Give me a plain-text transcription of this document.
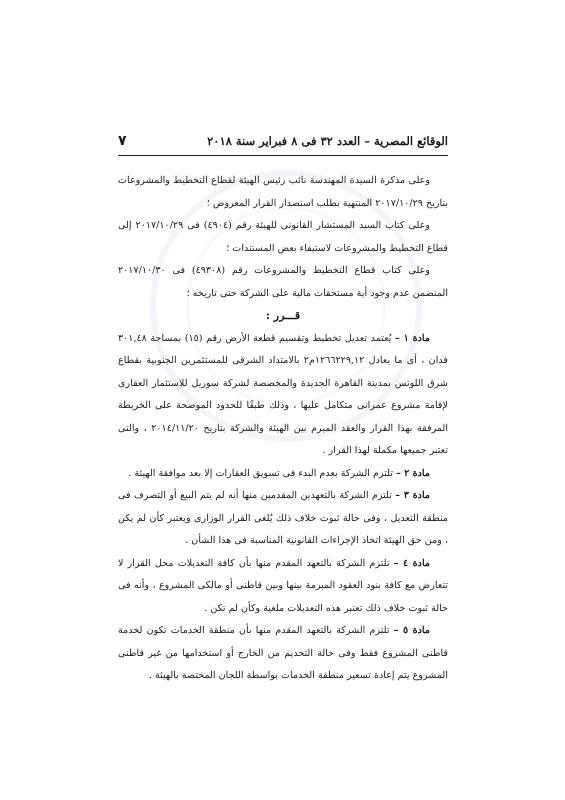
٧	الوقائع المصرية – العدد ٣٢ فى ٨ فبراير سنة ٢٠١٨

وعلى مذكرة السيدة المهندسة نائب رئيس الهيئة لقطاع التخطيط والمشروعات بتاريخ ٢٠١٧/١٠/٢٩ المنتهية بطلب استصدار القرار المعروض ؛

وعلى كتاب السيد المستشار القانونى للهيئة رقم (٤٩٠٤) فى ٢٠١٧/١٠/٢٩ إلى قطاع التخطيط والمشروعات لاستيفاء بعض المستندات ؛

وعلى كتاب قطاع التخطيط والمشروعات رقم (٤٩٣٠٨) فى ٢٠١٧/١٠/٣٠ المتضمن عدم وجود أية مستحقات مالية على الشركة حتى تاريخه ؛

قـــرر :

مادة ١ – يُعتمد تعديل تخطيط وتقسيم قطعة الأرض رقم (١٥) بمساحة ٣٠١,٤٨ فدان ، أى ما يعادل ١٢٦٦٢٢٩,١٢م٢ بالامتداد الشرقى للمستثمرين الجنوبية بقطاع شرق اللوتس بمدينة القاهرة الجديدة والمخصصة لشركة سوريل للاستثمار العقارى لإقامة مشروع عمرانى متكامل عليها ، وذلك طبقًا للحدود الموضحة على الخريطة المرفقة بهذا القرار والعقد المبرم بين الهيئة والشركة بتاريخ ٢٠١٤/١١/٢٠ ، والتى تعتبر جميعها مكملة لهذا القرار .

مادة ٢ – تلتزم الشركة بعدم البدء فى تسويق العقارات إلا بعد موافقة الهيئة .

مادة ٣ – تلتزم الشركة بالتعهدين المقدمين منها أنه لم يتم البيع أو التصرف فى منطقة التعديل ، وفى حالة ثبوت خلاف ذلك يُلغى القرار الوزارى ويعتبر كأن لم يكن ، ومن حق الهيئة اتخاذ الإجراءات القانونية المناسبة فى هذا الشأن .

مادة ٤ – تلتزم الشركة بالتعهد المقدم منها بأن كافة التعديلات محل القرار لا تتعارض مع كافة بنود العقود المبرمة بينها وبين قاطنى أو مالكى المشروع ، وأنه فى حالة ثبوت خلاف ذلك تعتبر هذه التعديلات ملغية وكأن لم تكن .

مادة ٥ – تلتزم الشركة بالتعهد المقدم منها بأن منطقة الخدمات تكون لخدمة قاطنى المشروع فقط وفى حالة التخديم من الخارج أو استخدامها من غير قاطنى المشروع يتم إعادة تسعير منطقة الخدمات بواسطة اللجان المختصة بالهيئة .
